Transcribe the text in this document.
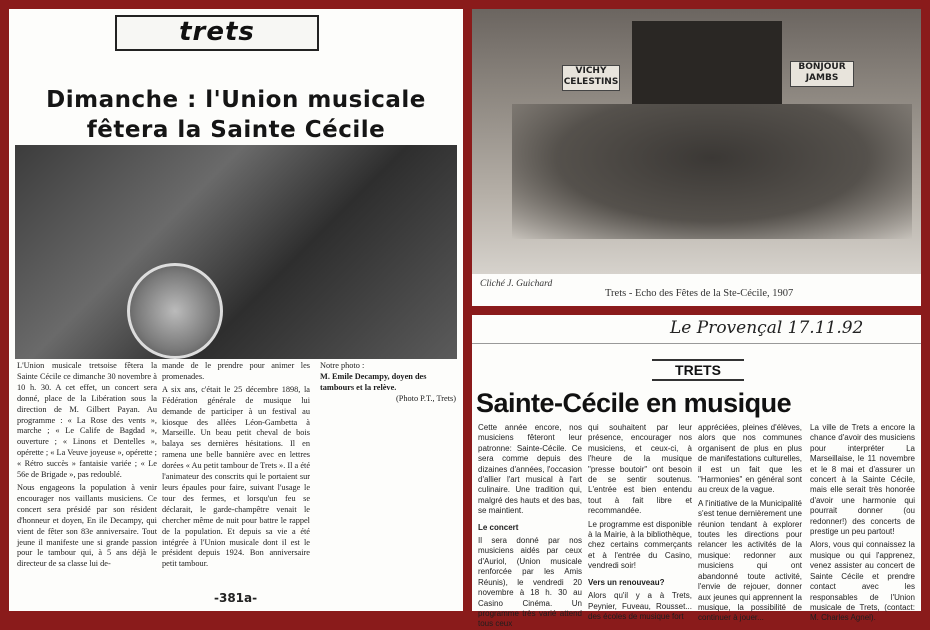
trets
Dimanche : l'Union musicale
fêtera la Sainte Cécile

L'Union musicale tretsoise fêtera la Sainte Cécile ce dimanche 30 novembre à 10 h. 30. A cet effet, un concert sera donné, place de la Libération sous la direction de M. Gilbert Payan. Au programme : « La Rose des vents », marche ; « Le Calife de Bagdad », ouverture ; « Linons et Dentelles », opérette ; « La Veuve joyeuse », opérette ; « Rétro succès » fantaisie variée ; « Le 56e de Brigade », pas redoublé.

Nous engageons la population à venir encourager nos vaillants musiciens. Ce concert sera présidé par son résident d'honneur et doyen, En ile Decampy, qui vient de fêter son 83e anniversaire. Tout jeune il manifeste une si grande passion pour le tambour qui, à 5 ans déjà le directeur de sa classe lui de-

mande de le prendre pour animer les promenades.

A six ans, c'était le 25 décembre 1898, la Fédération générale de musique lui demande de participer à un festival au kiosque des allées Léon-Gambetta à Marseille. Un beau petit cheval de bois balaya ses dernières hésitations. Il en ramena une belle bannière avec en lettres dorées « Au petit tambour de Trets ». Il a été l'animateur des conscrits qui le portaient sur leurs épaules pour faire, suivant l'usage le tour des fermes, et lorsqu'un feu se déclarait, le garde-champêtre venait le chercher même de nuit pour battre le rappel de la population. Et depuis sa vie a été intégrée à l'Union musicale dont il est le président depuis 1924. Bon anniversaire petit tambour.

Notre photo :

M. Emile Decampy, doyen des tambours et la relève.

(Photo P.T., Trets)

-381a-
VICHY CELESTINS
BONJOUR JAMBS
Cliché J. Guichard
Trets - Echo des Fêtes de la Ste-Cécile, 1907
Le Provençal 17.11.92
TRETS
Sainte-Cécile en musique

Cette année encore, nos musiciens fêteront leur patronne: Sainte-Cécile. Ce sera comme depuis des dizaines d'années, l'occasion d'allier l'art musical à l'art culinaire. Une tradition qui, malgré des hauts et des bas, se maintient.

Le concert

Il sera donné par nos musiciens aidés par ceux d'Auriol, (Union musicale renforcée par les Amis Réunis), le vendredi 20 novembre à 18 h. 30 au Casino Cinéma. Un programme très varié attend tous ceux

qui souhaitent par leur présence, encourager nos musiciens, et ceux-ci, à l'heure de la musique "presse boutoir" ont besoin de se sentir soutenus. L'entrée est bien entendu tout à fait libre et recommandée.

Le programme est disponible à la Mairie, à la bibliothèque, chez certains commerçants et à l'entrée du Casino, vendredi soir!

Vers un renouveau?

Alors qu'il y a à Trets, Peynier, Fuveau, Rousset... des écoles de musique fort

appréciées, pleines d'élèves, alors que nos communes organisent de plus en plus de manifestations culturelles, il est un fait que les "Harmonies" en général sont au creux de la vague.

A l'initiative de la Municipalité s'est tenue dernièrement une réunion tendant à explorer toutes les directions pour relancer les activités de la musique: redonner aux musiciens qui ont abandonné toute activité, l'envie de rejouer, donner aux jeunes qui apprennent la musique, la possibilité de continuer à jouer...

La ville de Trets a encore la chance d'avoir des musiciens pour interpréter La Marseillaise, le 11 novembre et le 8 mai et d'assurer un concert à la Sainte Cécile, mais elle serait très honorée d'avoir une harmonie qui pourrait donner (ou redonner!) des concerts de prestige un peu partout!

Alors, vous qui connaissez la musique ou qui l'apprenez, venez assister au concert de Sainte Cécile et prendre contact avec les responsables de l'Union musicale de Trets, (contact: M. Charles Agnel).
